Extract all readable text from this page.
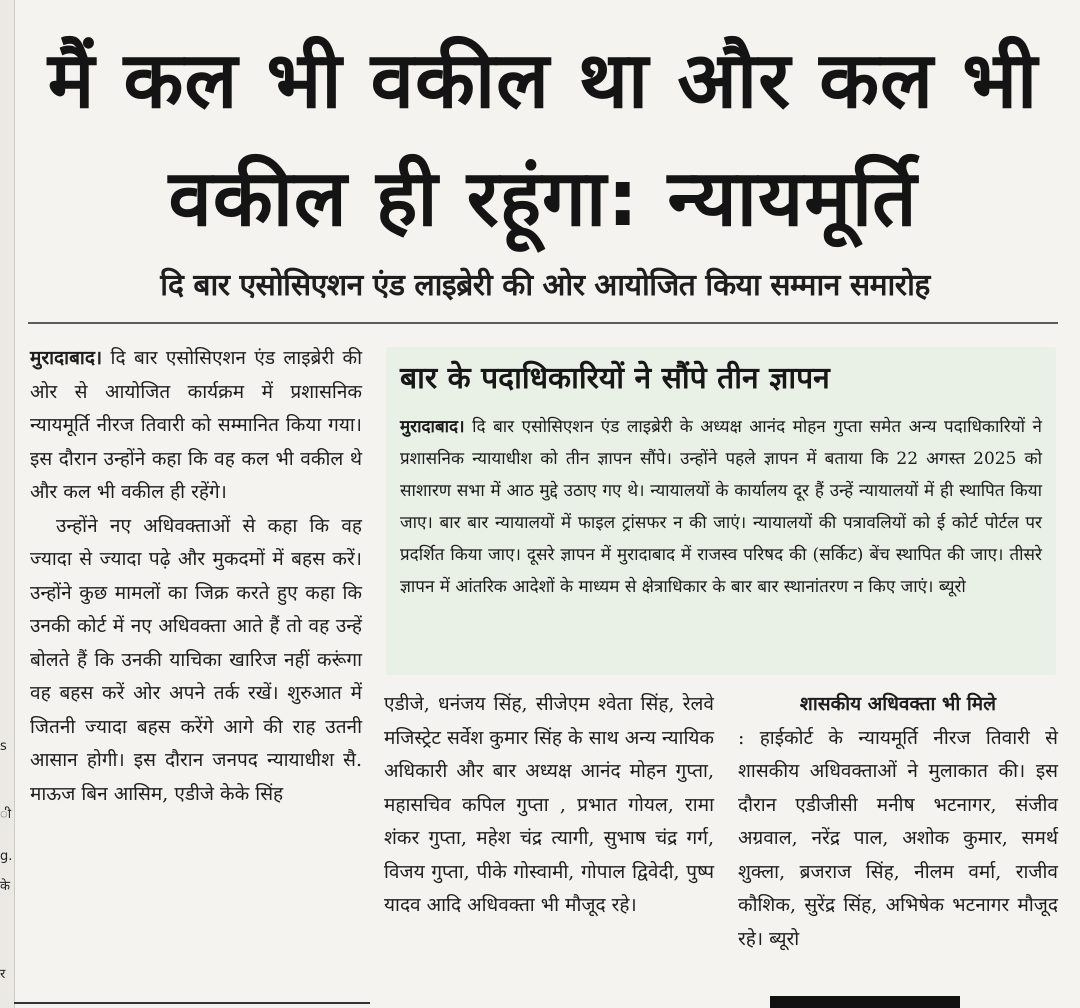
s
ी
g.
के
र
मैं कल भी वकील था और कल भी वकील ही रहूंगा: न्यायमूर्ति
दि बार एसोसिएशन एंड लाइब्रेरी की ओर आयोजित किया सम्मान समारोह

मुरादाबाद। दि बार एसोसिएशन एंड लाइब्रेरी की ओर से आयोजित कार्यक्रम में प्रशासनिक न्यायमूर्ति नीरज तिवारी को सम्मानित किया गया। इस दौरान उन्होंने कहा कि वह कल भी वकील थे और कल भी वकील ही रहेंगे।

उन्होंने नए अधिवक्ताओं से कहा कि वह ज्यादा से ज्यादा पढ़े और मुकदमों में बहस करें। उन्होंने कुछ मामलों का जिक्र करते हुए कहा कि उनकी कोर्ट में नए अधिवक्ता आते हैं तो वह उन्हें बोलते हैं कि उनकी याचिका खारिज नहीं करूंगा वह बहस करें ओर अपने तर्क रखें। शुरुआत में जितनी ज्यादा बहस करेंगे आगे की राह उतनी आसान होगी। इस दौरान जनपद न्यायाधीश सै. माऊज बिन आसिम, एडीजे केके सिंह

बार के पदाधिकारियों ने सौंपे तीन ज्ञापन

मुरादाबाद। दि बार एसोसिएशन एंड लाइब्रेरी के अध्यक्ष आनंद मोहन गुप्ता समेत अन्य पदाधिकारियों ने प्रशासनिक न्यायाधीश को तीन ज्ञापन सौंपे। उन्होंने पहले ज्ञापन में बताया कि 22 अगस्त 2025 को साशारण सभा में आठ मुद्दे उठाए गए थे। न्यायालयों के कार्यालय दूर हैं उन्हें न्यायालयों में ही स्थापित किया जाए। बार बार न्यायालयों में फाइल ट्रांसफर न की जाएं। न्यायालयों की पत्रावलियों को ई कोर्ट पोर्टल पर प्रदर्शित किया जाए। दूसरे ज्ञापन में मुरादाबाद में राजस्व परिषद की (सर्किट) बेंच स्थापित की जाए। तीसरे ज्ञापन में आंतरिक आदेशों के माध्यम से क्षेत्राधिकार के बार बार स्थानांतरण न किए जाएं। ब्यूरो

एडीजे, धनंजय सिंह, सीजेएम श्वेता सिंह, रेलवे मजिस्ट्रेट सर्वेश कुमार सिंह के साथ अन्य न्यायिक अधिकारी और बार अध्यक्ष आनंद मोहन गुप्ता, महासचिव कपिल गुप्ता , प्रभात गोयल, रामा शंकर गुप्ता, महेश चंद्र त्यागी, सुभाष चंद्र गर्ग, विजय गुप्ता, पीके गोस्वामी, गोपाल द्विवेदी, पुष्प यादव आदि अधिवक्ता भी मौजूद रहे।

शासकीय अधिवक्ता भी मिले

: हाईकोर्ट के न्यायमूर्ति नीरज तिवारी से शासकीय अधिवक्ताओं ने मुलाकात की। इस दौरान एडीजीसी मनीष भटनागर, संजीव अग्रवाल, नरेंद्र पाल, अशोक कुमार, समर्थ शुक्ला, ब्रजराज सिंह, नीलम वर्मा, राजीव कौशिक, सुरेंद्र सिंह, अभिषेक भटनागर मौजूद रहे। ब्यूरो
